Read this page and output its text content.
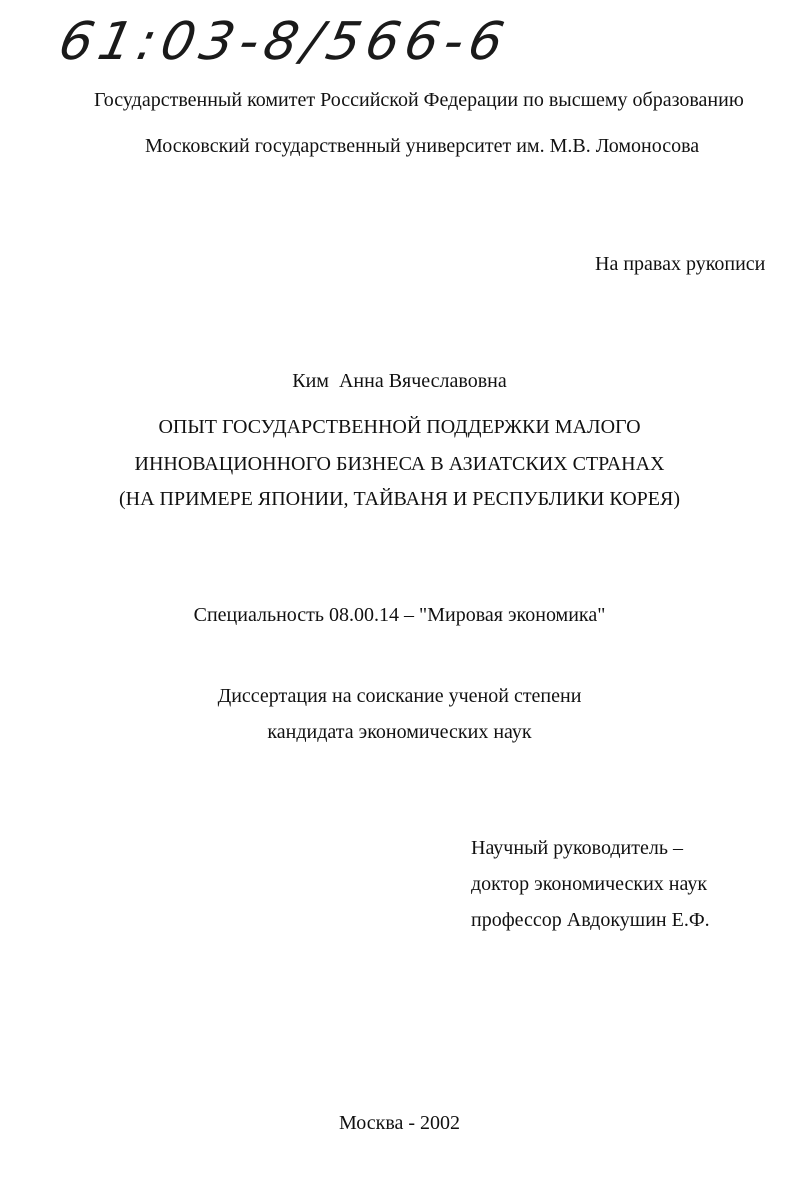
61:03-8/566-6
Государственный комитет Российской Федерации по высшему образованию
Московский государственный университет им. М.В. Ломоносова
На правах рукописи
Ким  Анна Вячеславовна
ОПЫТ ГОСУДАРСТВЕННОЙ ПОДДЕРЖКИ МАЛОГО
ИННОВАЦИОННОГО БИЗНЕСА В АЗИАТСКИХ СТРАНАХ
(НА ПРИМЕРЕ ЯПОНИИ, ТАЙВАНЯ И РЕСПУБЛИКИ КОРЕЯ)
Специальность 08.00.14 – "Мировая экономика"
Диссертация на соискание ученой степени
кандидата экономических наук
Научный руководитель –
доктор экономических наук
профессор Авдокушин Е.Ф.
Москва - 2002
